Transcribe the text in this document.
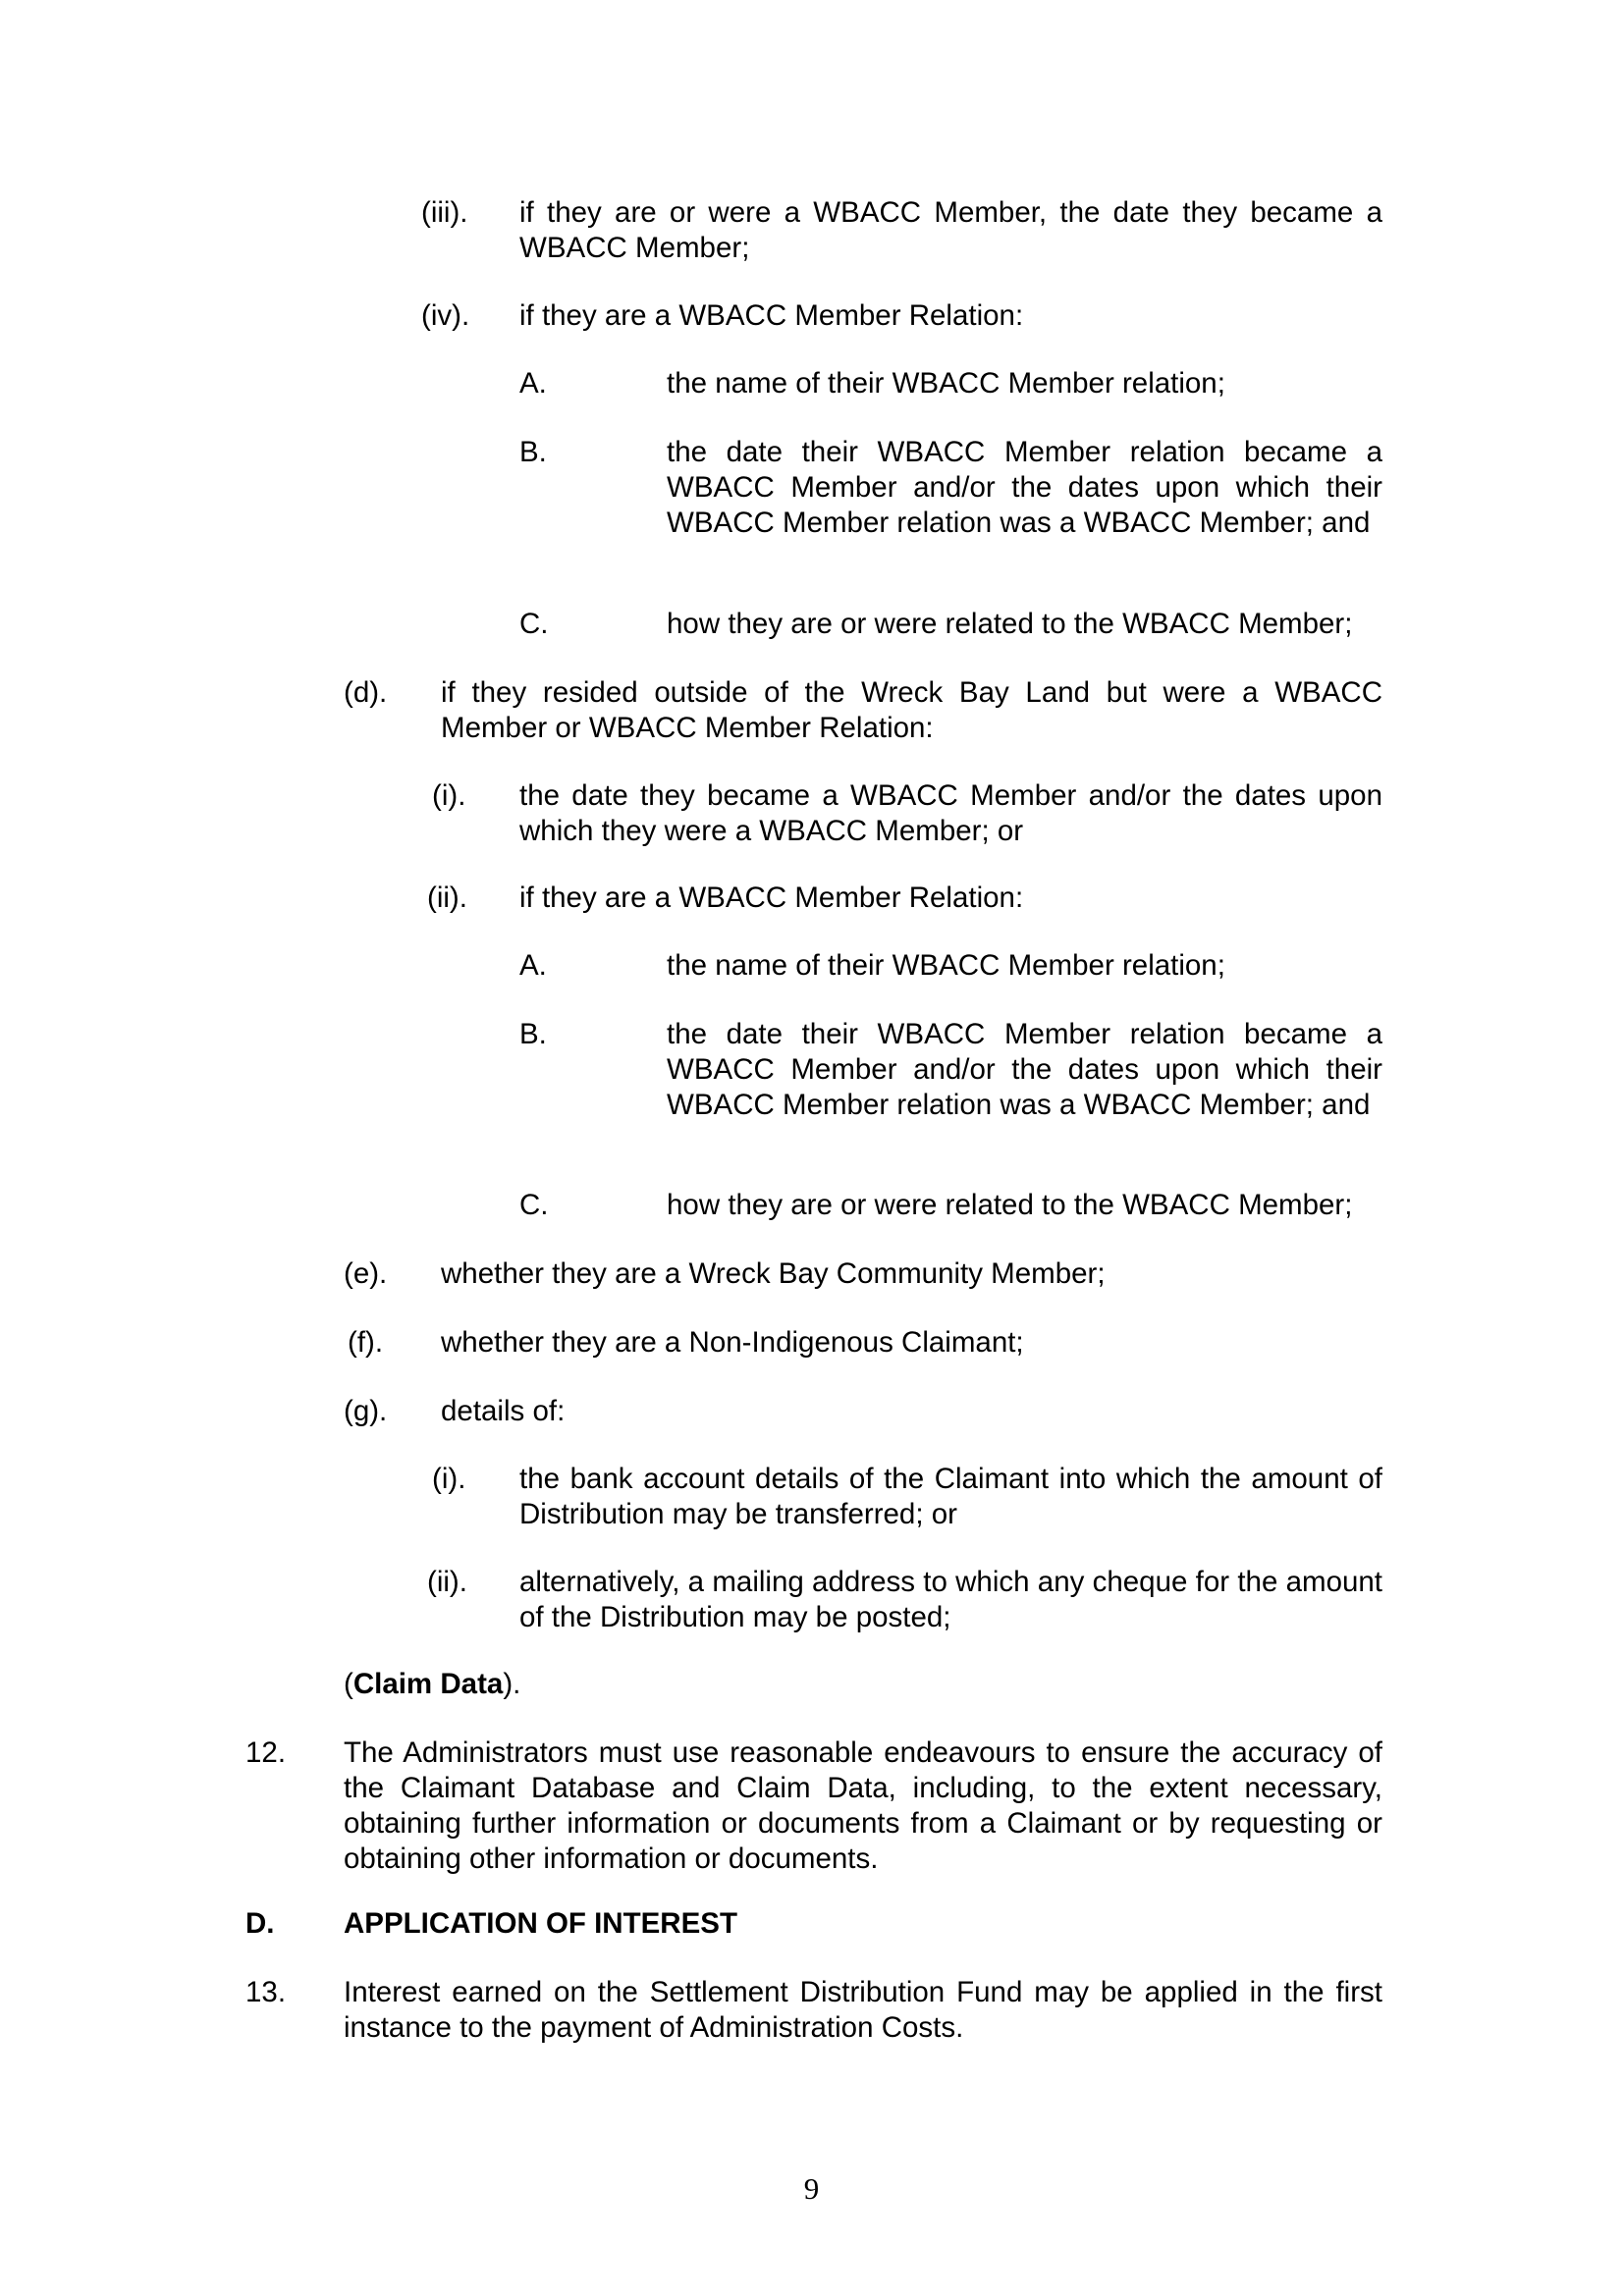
(iii). if they are or were a WBACC Member, the date they became a WBACC Member;
(iv). if they are a WBACC Member Relation:
A.	the name of their WBACC Member relation;
B.	the date their WBACC Member relation became a WBACC Member and/or the dates upon which their WBACC Member relation was a WBACC Member; and
C.	how they are or were related to the WBACC Member;
(d). if they resided outside of the Wreck Bay Land but were a WBACC Member or WBACC Member Relation:
(i). the date they became a WBACC Member and/or the dates upon which they were a WBACC Member; or
(ii). if they are a WBACC Member Relation:
A.	the name of their WBACC Member relation;
B.	the date their WBACC Member relation became a WBACC Member and/or the dates upon which their WBACC Member relation was a WBACC Member; and
C.	how they are or were related to the WBACC Member;
(e). whether they are a Wreck Bay Community Member;
(f). whether they are a Non-Indigenous Claimant;
(g). details of:
(i). the bank account details of the Claimant into which the amount of Distribution may be transferred; or
(ii). alternatively, a mailing address to which any cheque for the amount of the Distribution may be posted;
(Claim Data).
12. The Administrators must use reasonable endeavours to ensure the accuracy of the Claimant Database and Claim Data, including, to the extent necessary, obtaining further information or documents from a Claimant or by requesting or obtaining other information or documents.
D. APPLICATION OF INTEREST
13. Interest earned on the Settlement Distribution Fund may be applied in the first instance to the payment of Administration Costs.
9
